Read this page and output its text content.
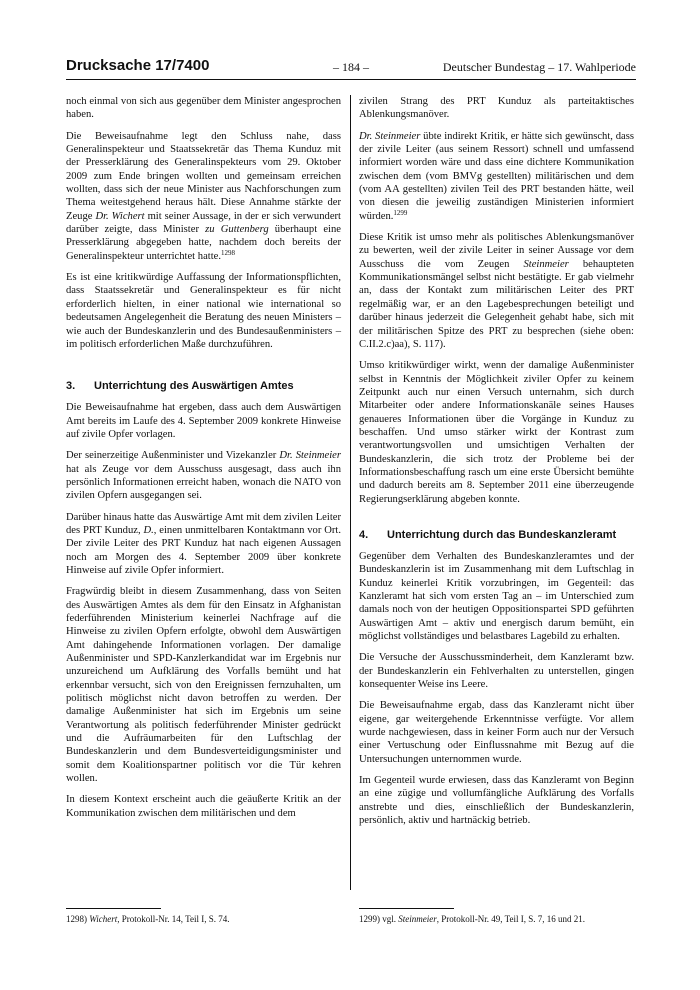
Drucksache 17/7400	– 184 –	Deutscher Bundestag – 17. Wahlperiode

noch einmal von sich aus gegenüber dem Minister angesprochen haben.

Die Beweisaufnahme legt den Schluss nahe, dass Generalinspekteur und Staatssekretär das Thema Kunduz mit der Presserklärung des Generalinspekteurs vom 29. Oktober 2009 zum Ende bringen wollten und gemeinsam erreichen wollten, dass sich der neue Minister aus Nachforschungen zum Thema weitestgehend heraus hält. Diese Annahme stärkte der Zeuge Dr. Wichert mit seiner Aussage, in der er sich verwundert darüber zeigte, dass Minister zu Guttenberg überhaupt eine Presserklärung abgegeben hatte, nachdem doch bereits der Generalinspekteur unterrichtet hatte.$^{1298}$

Es ist eine kritikwürdige Auffassung der Informationspflichten, dass Staatssekretär und Generalinspekteur es für nicht erforderlich hielten, in einer national wie international so bedeutsamen Angelegenheit die Beratung des neuen Ministers – wie auch der Bundeskanzlerin und des Bundesaußenministers – im politisch erforderlichen Maße durchzuführen.

3.	Unterrichtung des Auswärtigen Amtes

Die Beweisaufnahme hat ergeben, dass auch dem Auswärtigen Amt bereits im Laufe des 4. September 2009 konkrete Hinweise auf zivile Opfer vorlagen.

Der seinerzeitige Außenminister und Vizekanzler Dr. Steinmeier hat als Zeuge vor dem Ausschuss ausgesagt, dass auch ihn persönlich Informationen erreicht haben, wonach die NATO von zivilen Opfern ausgegangen sei.

Darüber hinaus hatte das Auswärtige Amt mit dem zivilen Leiter des PRT Kunduz, D., einen unmittelbaren Kontaktmann vor Ort. Der zivile Leiter des PRT Kunduz hat nach eigenen Aussagen noch am Morgen des 4. September 2009 über konkrete Hinweise auf zivile Opfer informiert.

Fragwürdig bleibt in diesem Zusammenhang, dass von Seiten des Auswärtigen Amtes als dem für den Einsatz in Afghanistan federführenden Ministerium keinerlei Nachfrage auf die Hinweise zu zivilen Opfern erfolgte, obwohl dem Auswärtigen Amt dahingehende Informationen vorlagen. Der damalige Außenminister und SPD-Kanzlerkandidat war im Ergebnis nur unzureichend um Aufklärung des Vorfalls bemüht und hat erkennbar versucht, sich von den Ereignissen fernzuhalten, um politisch möglichst nicht davon betroffen zu werden. Der damalige Außenminister hat sich im Ergebnis um seine Verantwortung als politisch federführender Minister gedrückt und die Aufräumarbeiten für den Luftschlag der Bundeskanzlerin und dem Bundesverteidigungsminister und somit dem Koalitionspartner politisch vor die Tür kehren wollen.

In diesem Kontext erscheint auch die geäußerte Kritik an der Kommunikation zwischen dem militärischen und dem

zivilen Strang des PRT Kunduz als parteitaktisches Ablenkungsmanöver.

Dr. Steinmeier übte indirekt Kritik, er hätte sich gewünscht, dass der zivile Leiter (aus seinem Ressort) schnell und umfassend informiert worden wäre und dass eine dichtere Kommunikation zwischen dem (vom BMVg gestellten) militärischen und dem (vom AA gestellten) zivilen Teil des PRT bestanden hätte, weil von diesen die jeweilig zuständigen Ministerien informiert würden.$^{1299}$

Diese Kritik ist umso mehr als politisches Ablenkungsmanöver zu bewerten, weil der zivile Leiter in seiner Aussage vor dem Ausschuss die vom Zeugen Steinmeier behaupteten Kommunikationsmängel selbst nicht bestätigte. Er gab vielmehr an, dass der Kontakt zum militärischen Leiter des PRT regelmäßig war, er an den Lagebesprechungen beteiligt und darüber hinaus jederzeit die Gelegenheit gehabt habe, sich mit der militärischen Spitze des PRT zu besprechen (siehe oben: C.II.2.c)aa), S. 117).

Umso kritikwürdiger wirkt, wenn der damalige Außenminister selbst in Kenntnis der Möglichkeit ziviler Opfer zu keinem Zeitpunkt auch nur einen Versuch unternahm, sich durch Mitarbeiter oder andere Informationskanäle seines Hauses genaueres Informationen über die Vorgänge in Kunduz zu beschaffen. Und umso stärker wirkt der Kontrast zum verantwortungsvollen und umsichtigen Verhalten der Bundeskanzlerin, die sich trotz der Probleme bei der Informationsbeschaffung rasch um eine erste Übersicht bemühte und dadurch bereits am 8. September 2011 eine überzeugende Regierungserklärung abgeben konnte.

4.	Unterrichtung durch das Bundeskanzleramt

Gegenüber dem Verhalten des Bundeskanzleramtes und der Bundeskanzlerin ist im Zusammenhang mit dem Luftschlag in Kunduz keinerlei Kritik vorzubringen, im Gegenteil: das Kanzleramt hat sich vom ersten Tag an – im Unterschied zum damals noch von der heutigen Oppositionspartei SPD geführten Auswärtigen Amt – aktiv und energisch darum bemüht, ein möglichst vollständiges und belastbares Lagebild zu erhalten.

Die Versuche der Ausschussminderheit, dem Kanzleramt bzw. der Bundeskanzlerin ein Fehlverhalten zu unterstellen, gingen konsequenter Weise ins Leere.

Die Beweisaufnahme ergab, dass das Kanzleramt nicht über eigene, gar weitergehende Erkenntnisse verfügte. Vor allem wurde nachgewiesen, dass in keiner Form auch nur der Versuch einer Vertuschung oder Einflussnahme mit Bezug auf die Untersuchungen unternommen wurde.

Im Gegenteil wurde erwiesen, dass das Kanzleramt von Beginn an eine zügige und vollumfängliche Aufklärung des Vorfalls anstrebte und dies, einschließlich der Bundeskanzlerin, persönlich, aktiv und hartnäckig betrieb.

1298) Wichert, Protokoll-Nr. 14, Teil I, S. 74.	1299) vgl. Steinmeier, Protokoll-Nr. 49, Teil I, S. 7, 16 und 21.
